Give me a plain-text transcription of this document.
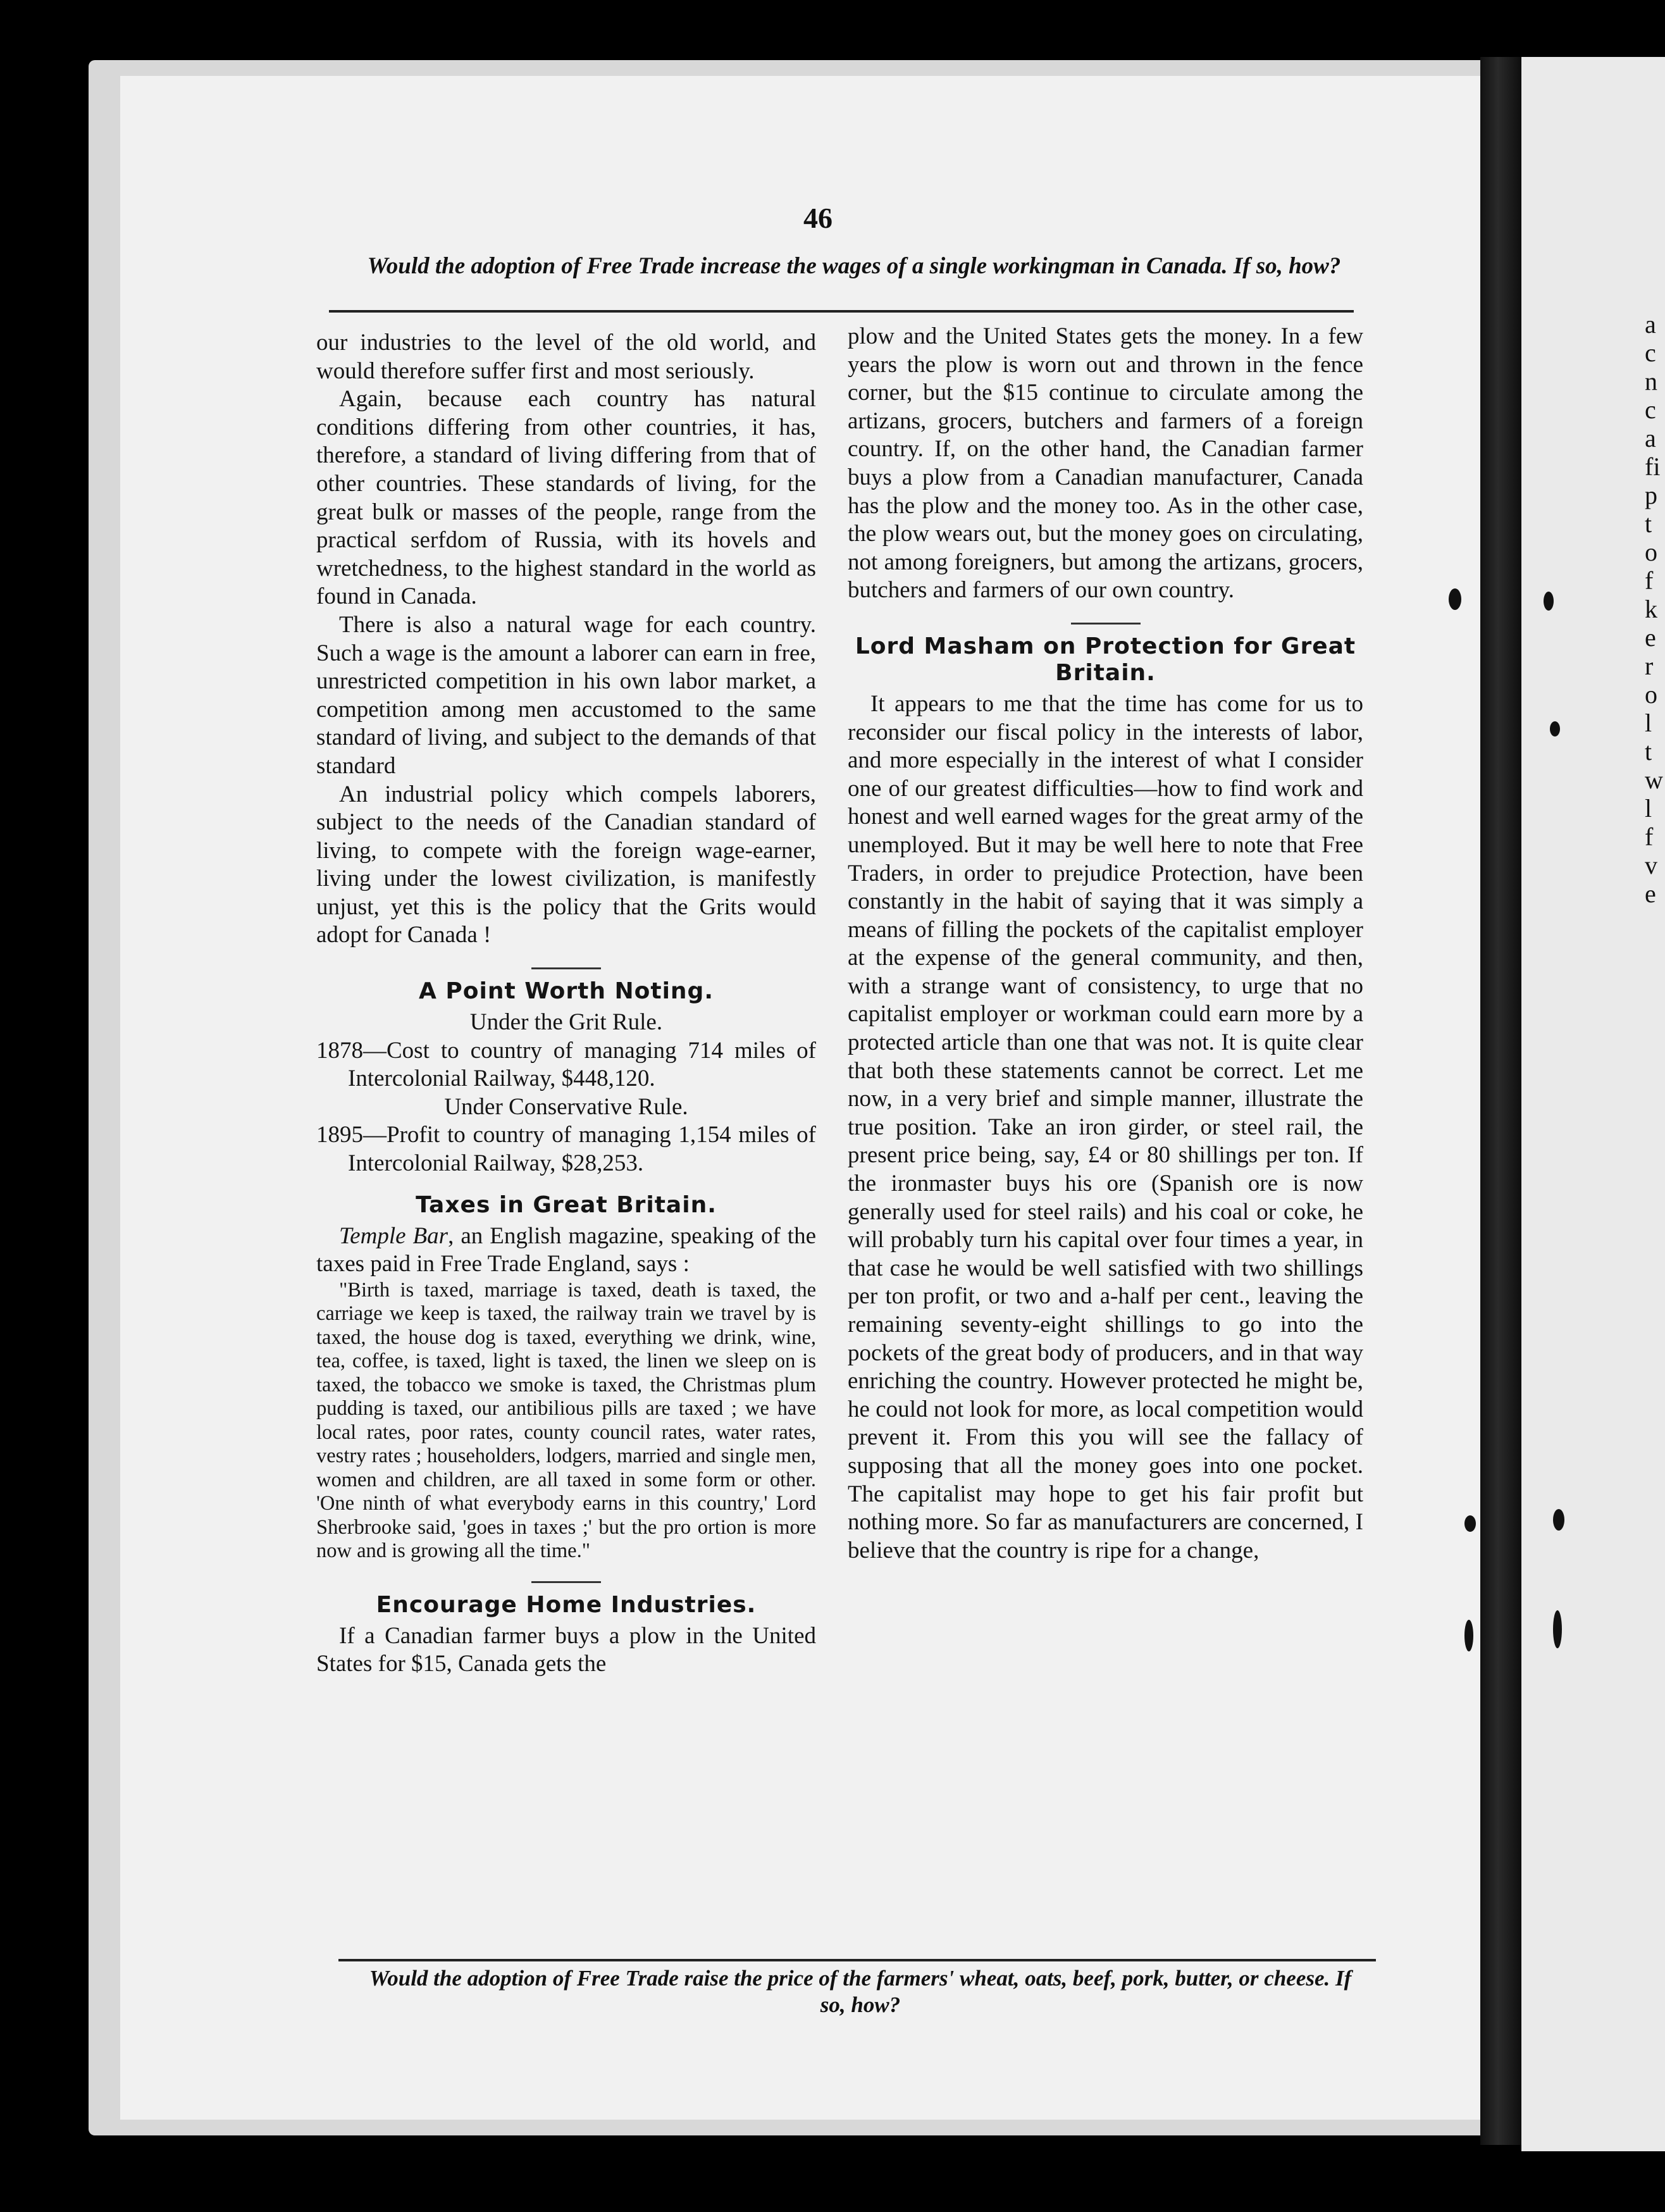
a
c
n
c
a
fi
p
t
o
f
k
e
r
o
l
t
w
l
f
v
e
46
Would the adoption of Free Trade increase the wages of a single workingman in Canada. If so, how?

our industries to the level of the old world, and would therefore suffer first and most seriously.

Again, because each country has natural conditions differing from other countries, it has, therefore, a standard of living differing from that of other countries. These standards of living, for the great bulk or masses of the people, range from the practical serfdom of Russia, with its hovels and wretchedness, to the highest standard in the world as found in Canada.

There is also a natural wage for each country. Such a wage is the amount a laborer can earn in free, unrestricted competition in his own labor market, a competition among men accustomed to the same standard of living, and subject to the demands of that standard

An industrial policy which compels laborers, subject to the needs of the Canadian standard of living, to compete with the foreign wage-earner, living under the lowest civilization, is manifestly unjust, yet this is the policy that the Grits would adopt for Canada !

A Point Worth Noting.

Under the Grit Rule.

1878—Cost to country of managing 714 miles of Intercolonial Railway, $448,120.

Under Conservative Rule.

1895—Profit to country of managing 1,154 miles of Intercolonial Railway, $28,253.

Taxes in Great Britain.

Temple Bar, an English magazine, speaking of the taxes paid in Free Trade England, says :

"Birth is taxed, marriage is taxed, death is taxed, the carriage we keep is taxed, the railway train we travel by is taxed, the house dog is taxed, everything we drink, wine, tea, coffee, is taxed, light is taxed, the linen we sleep on is taxed, the tobacco we smoke is taxed, the Christmas plum pudding is taxed, our antibilious pills are taxed ; we have local rates, poor rates, county council rates, water rates, vestry rates ; householders, lodgers, married and single men, women and children, are all taxed in some form or other. 'One ninth of what everybody earns in this country,' Lord Sherbrooke said, 'goes in taxes ;' but the pro ortion is more now and is growing all the time."

Encourage Home Industries.

If a Canadian farmer buys a plow in the United States for $15, Canada gets the

plow and the United States gets the money. In a few years the plow is worn out and thrown in the fence corner, but the $15 continue to circulate among the artizans, grocers, butchers and farmers of a foreign country. If, on the other hand, the Canadian farmer buys a plow from a Canadian manufacturer, Canada has the plow and the money too. As in the other case, the plow wears out, but the money goes on circulating, not among foreigners, but among the artizans, grocers, butchers and farmers of our own country.

Lord Masham on Protection for Great Britain.

It appears to me that the time has come for us to reconsider our fiscal policy in the interests of labor, and more especially in the interest of what I consider one of our greatest difficulties—how to find work and honest and well earned wages for the great army of the unemployed. But it may be well here to note that Free Traders, in order to prejudice Protection, have been constantly in the habit of saying that it was simply a means of filling the pockets of the capitalist employer at the expense of the general community, and then, with a strange want of consistency, to urge that no capitalist employer or workman could earn more by a protected article than one that was not. It is quite clear that both these statements cannot be correct. Let me now, in a very brief and simple manner, illustrate the true position. Take an iron girder, or steel rail, the present price being, say, £4 or 80 shillings per ton. If the ironmaster buys his ore (Spanish ore is now generally used for steel rails) and his coal or coke, he will probably turn his capital over four times a year, in that case he would be well satisfied with two shillings per ton profit, or two and a-half per cent., leaving the remaining seventy-eight shillings to go into the pockets of the great body of producers, and in that way enriching the country. However protected he might be, he could not look for more, as local competition would prevent it. From this you will see the fallacy of supposing that all the money goes into one pocket. The capitalist may hope to get his fair profit but nothing more. So far as manufacturers are concerned, I believe that the country is ripe for a change,

Would the adoption of Free Trade raise the price of the farmers' wheat, oats, beef, pork, butter, or cheese. If so, how?
